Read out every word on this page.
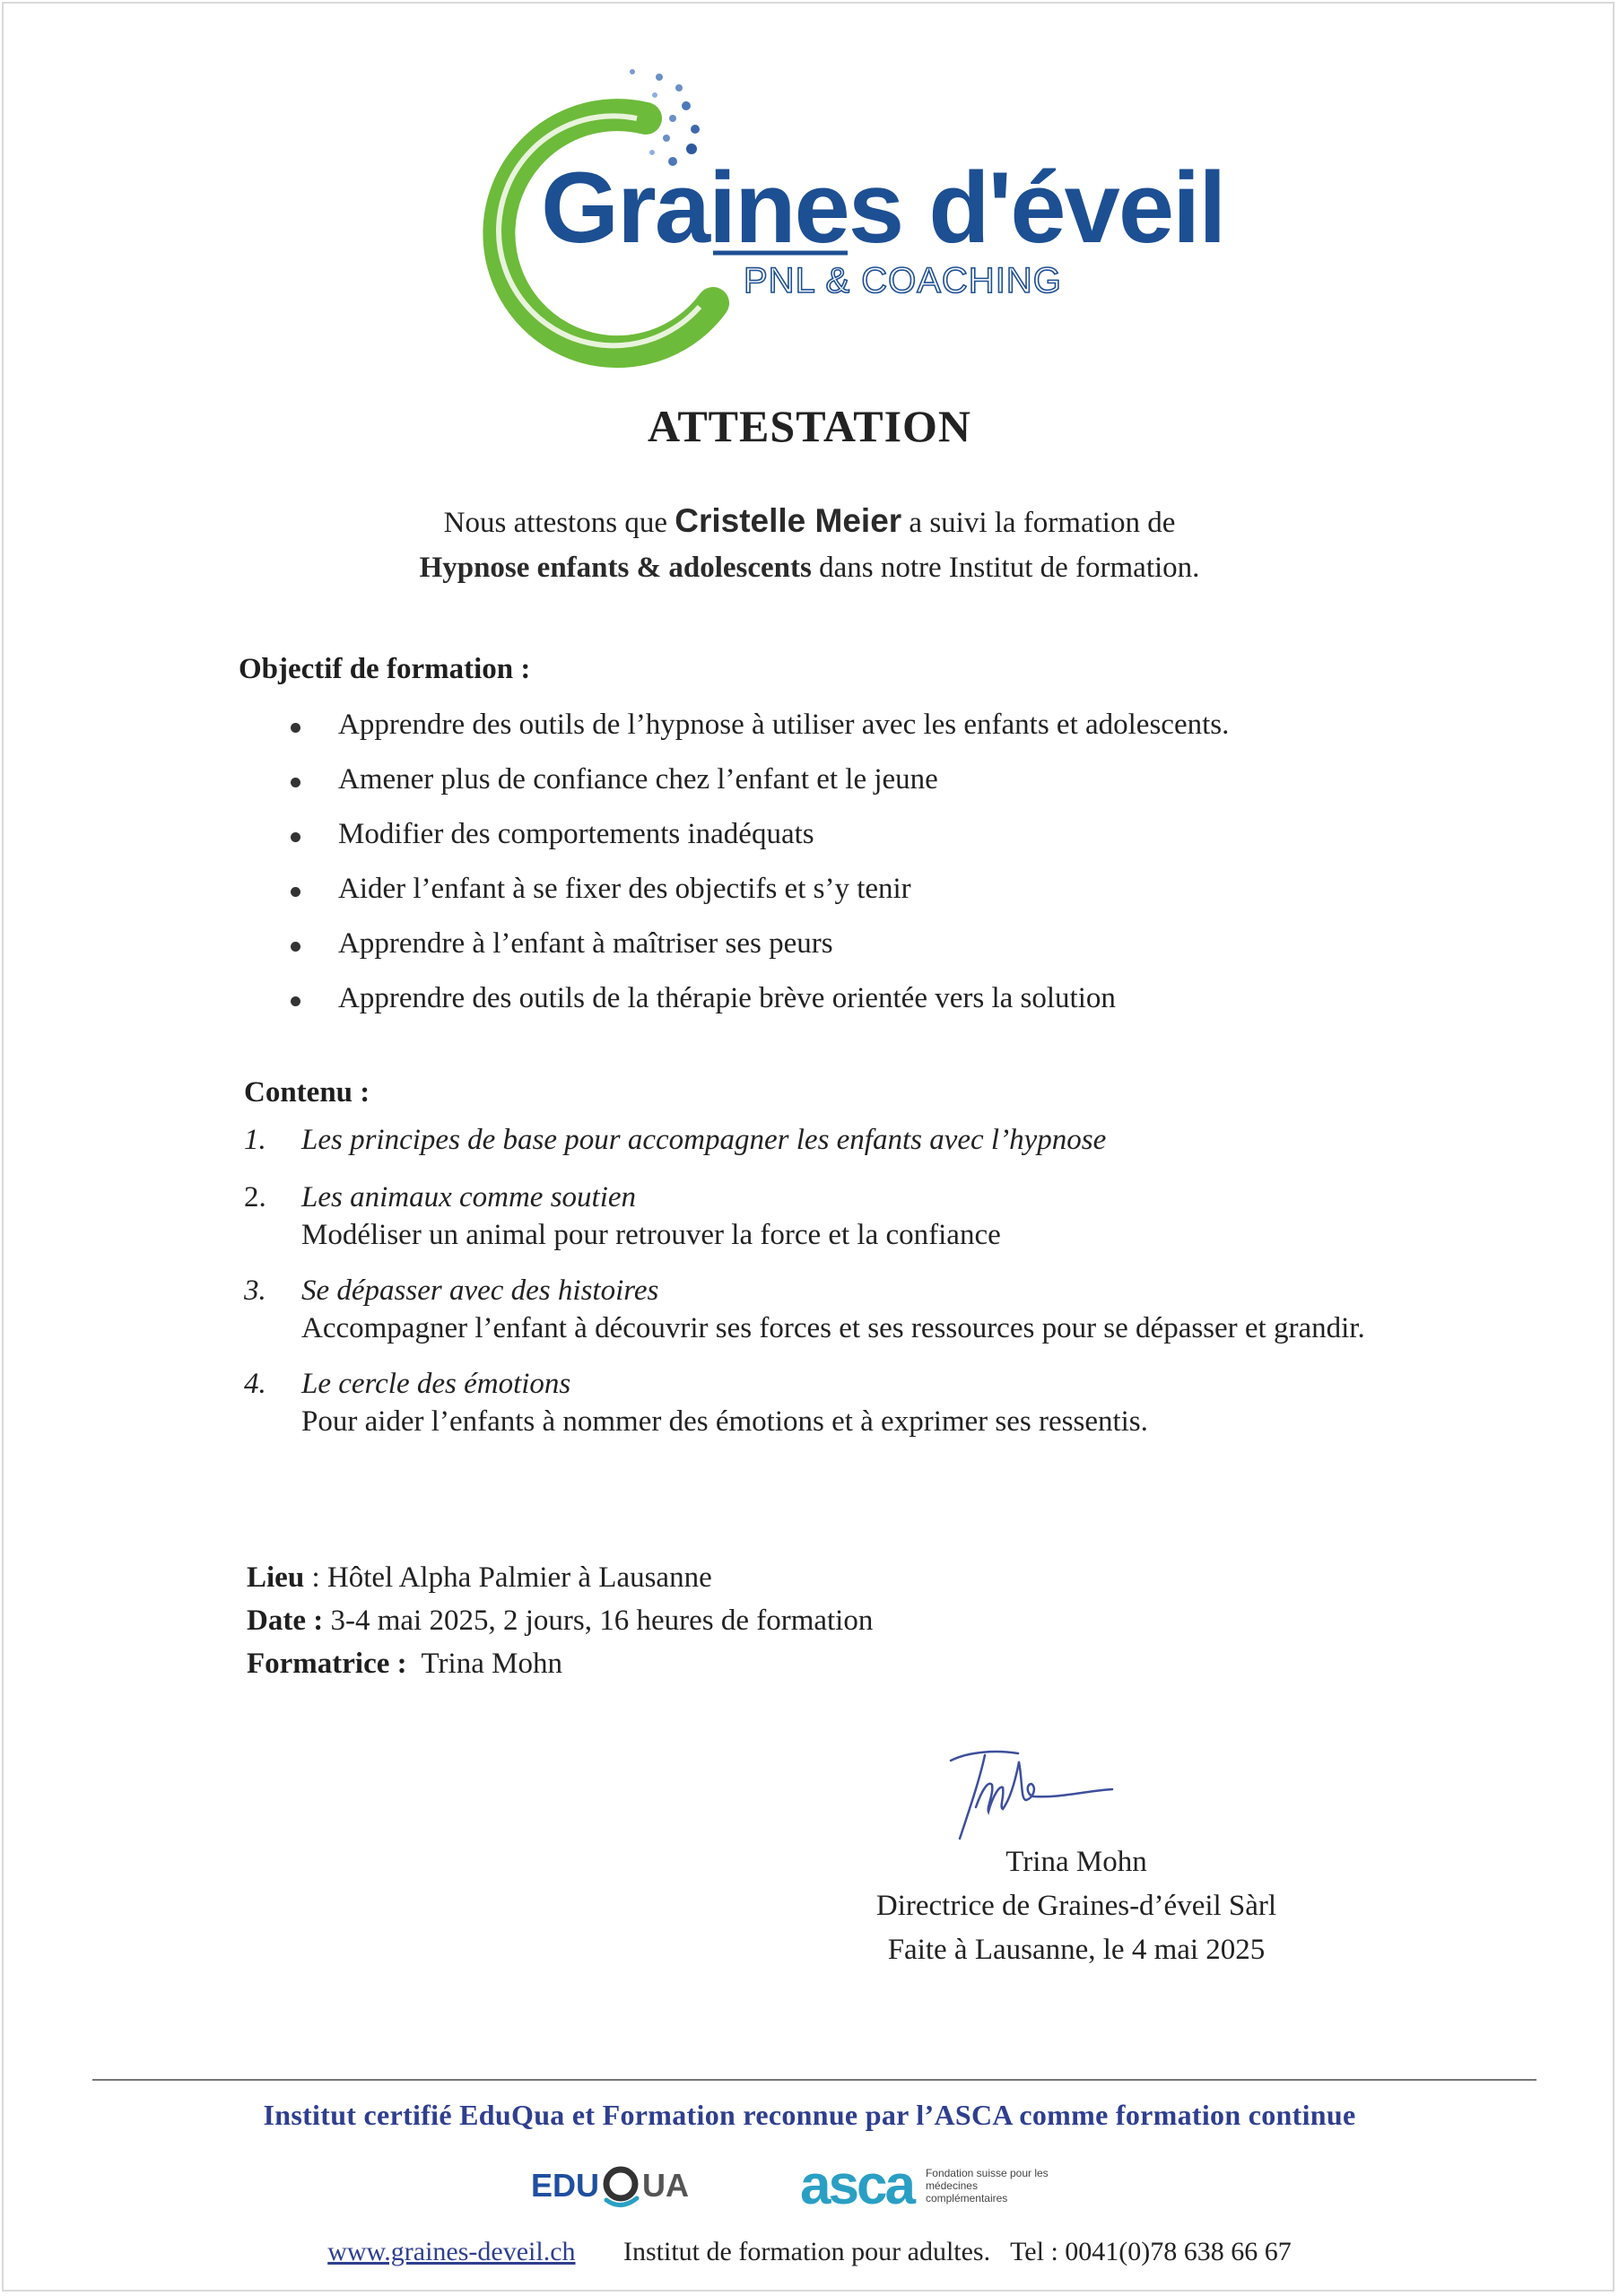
Graines d'éveil
PNL & COACHING
ATTESTATION
Nous attestons que Cristelle Meier a suivi la formation de
Hypnose enfants & adolescents dans notre Institut de formation.
Objectif de formation :
Apprendre des outils de l’hypnose à utiliser avec les enfants et adolescents.
Amener plus de confiance chez l’enfant et le jeune
Modifier des comportements inadéquats
Aider l’enfant à se fixer des objectifs et s’y tenir
Apprendre à l’enfant à maîtriser ses peurs
Apprendre des outils de la thérapie brève orientée vers la solution
Contenu :
1. Les principes de base pour accompagner les enfants avec l’hypnose
2. Les animaux comme soutien
Modéliser un animal pour retrouver la force et la confiance
3. Se dépasser avec des histoires
Accompagner l’enfant à découvrir ses forces et ses ressources pour se dépasser et grandir.
4. Le cercle des émotions
Pour aider l’enfants à nommer des émotions et à exprimer ses ressentis.
Lieu : Hôtel Alpha Palmier à Lausanne
Date : 3-4 mai 2025, 2 jours, 16 heures de formation
Formatrice : Trina Mohn
Trina Mohn
Directrice de Graines-d’éveil Sàrl
Faite à Lausanne, le 4 mai 2025
Institut certifié EduQua et Formation reconnue par l’ASCA comme formation continue
EDU UA asca Fondation suisse pour les médecines complémentaires
www.graines-deveil.ch Institut de formation pour adultes. Tel : 0041(0)78 638 66 67
